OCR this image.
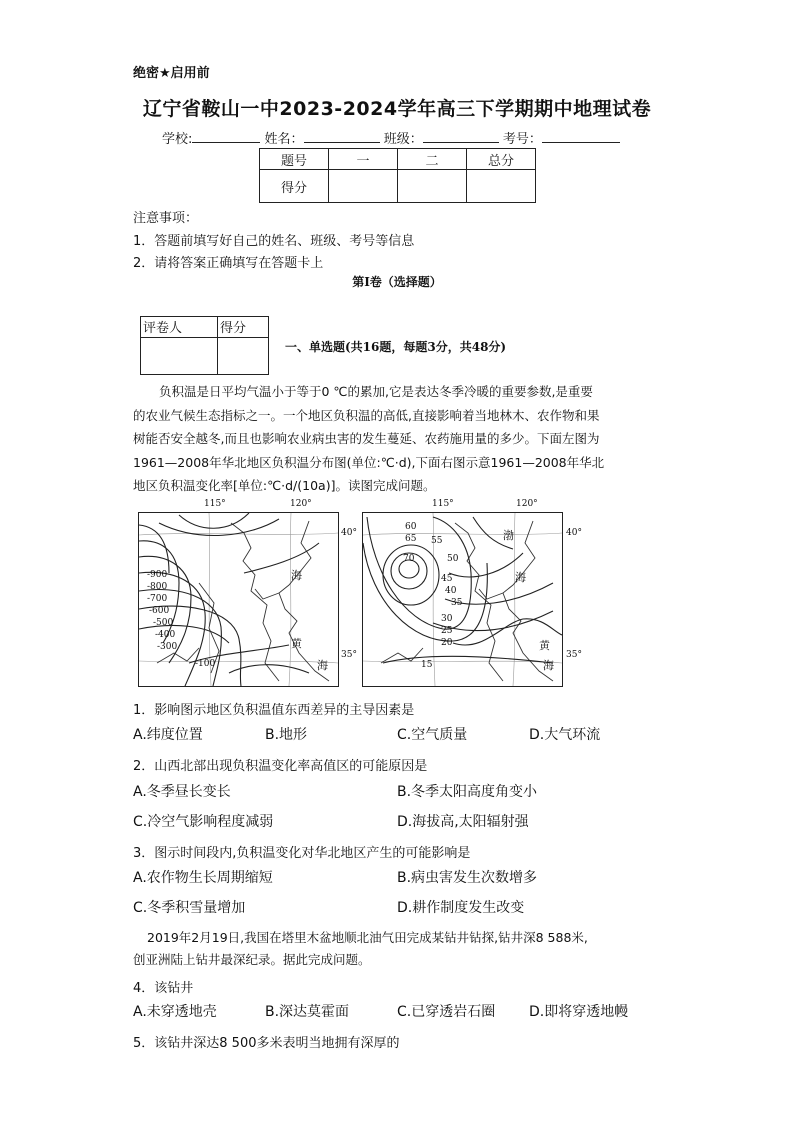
绝密★启用前
辽宁省鞍山一中2023-2024学年高三下学期期中地理试卷
学校:	姓名：	班级：	考号：
题号	一	二	总分
得分			
注意事项：
1．答题前填写好自己的姓名、班级、考号等信息
2．请将答案正确填写在答题卡上
第I卷（选择题）
评卷人	得分

一、单选题(共16题，每题3分，共48分)
负积温是日平均气温小于等于0 ℃的累加,它是表达冬季冷暖的重要参数,是重要
的农业气候生态指标之一。一个地区负积温的高低,直接影响着当地林木、农作物和果
树能否安全越冬,而且也影响农业病虫害的发生蔓延、农药施用量的多少。下面左图为
1961—2008年华北地区负积温分布图(单位:℃·d),下面右图示意1961—2008年华北
地区负积温变化率[单位:℃·d/(10a)]。读图完成问题。
115°	120°
40°
35°
115°	120°
40°
35°
-900
-800
-700
-600
-500
-400
-300
-100
海
黄
海
60
65
70	50
55
45
40
35
30
25
20
15
渤
海
黄
海
1．影响图示地区负积温值东西差异的主导因素是
A.纬度位置	B.地形	C.空气质量	D.大气环流
2．山西北部出现负积温变化率高值区的可能原因是
A.冬季昼长变长	B.冬季太阳高度角变小
C.冷空气影响程度减弱	D.海拔高,太阳辐射强
3．图示时间段内,负积温变化对华北地区产生的可能影响是
A.农作物生长周期缩短	B.病虫害发生次数增多
C.冬季积雪量增加	D.耕作制度发生改变
2019年2月19日,我国在塔里木盆地顺北油气田完成某钻井钻探,钻井深8 588米,
创亚洲陆上钻井最深纪录。据此完成问题。
4．该钻井
A.未穿透地壳	B.深达莫霍面	C.已穿透岩石圈 D.即将穿透地幔
5．该钻井深达8 500多米表明当地拥有深厚的
